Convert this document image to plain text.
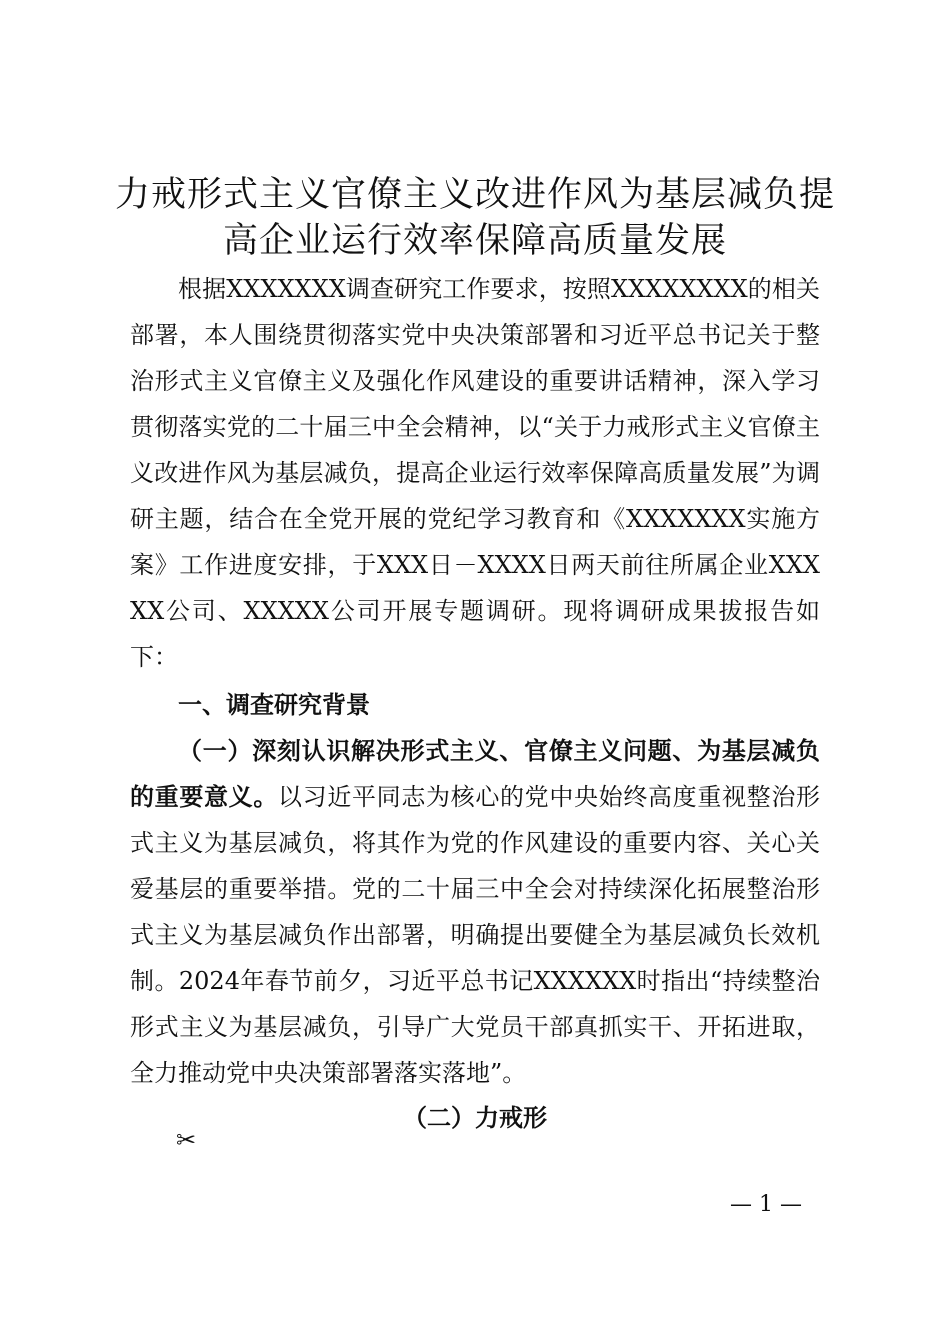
力戒形式主义官僚主义改进作风为基层减负提
高企业运行效率保障高质量发展
根据XXXXXXX调查研究工作要求，按照XXXXXXXX的相关部署，本人围绕贯彻落实党中央决策部署和习近平总书记关于整治形式主义官僚主义及强化作风建设的重要讲话精神，深入学习贯彻落实党的二十届三中全会精神，以“关于力戒形式主义官僚主义改进作风为基层减负，提高企业运行效率保障高质量发展”为调研主题，结合在全党开展的党纪学习教育和《XXXXXXX实施方案》工作进度安排，于XXX日－XXXX日两天前往所属企业XXXXX公司、XXXXX公司开展专题调研。现将调研成果拔报告如下：
一、调查研究背景
（一）深刻认识解决形式主义、官僚主义问题、为基层减负的重要意义。以习近平同志为核心的党中央始终高度重视整治形式主义为基层减负，将其作为党的作风建设的重要内容、关心关爱基层的重要举措。党的二十届三中全会对持续深化拓展整治形式主义为基层减负作出部署，明确提出要健全为基层减负长效机制。2024年春节前夕，习近平总书记XXXXXX时指出“持续整治形式主义为基层减负，引导广大党员干部真抓实干、开拓进取，全力推动党中央决策部署落实落地”。
（二）力戒形
✂
— 1 —
